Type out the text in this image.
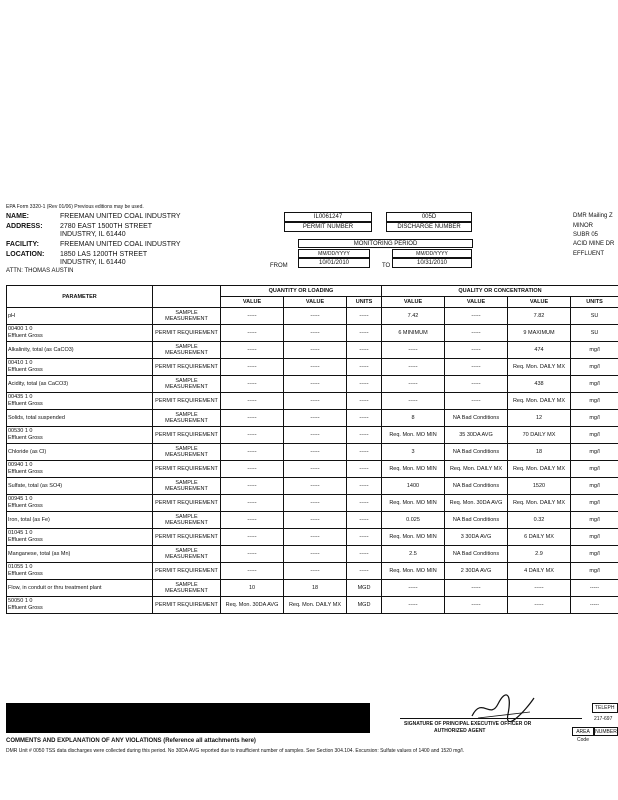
EPA Form 3320-1 (Rev 01/06) Previous editions may be used.
NAME:	FREEMAN UNITED COAL INDUSTRY
ADDRESS: 2780 EAST 1500TH STREET
INDUSTRY, IL 61440
FACILITY:	FREEMAN UNITED COAL INDUSTRY
LOCATION: 1850 LAS 1200TH STREET
INDUSTRY, IL 61440
ATTN: THOMAS AUSTIN
IL0061247
PERMIT NUMBER
005D
DISCHARGE NUMBER
MONITORING PERIOD
FROM
MM/DD/YYYY
10/01/2010	TO
MM/DD/YYYY
10/31/2010
DMR Mailing Z
MINOR
SUBR 05
ACID MINE DR
EFFLUENT
PARAMETER		QUANTITY OR LOADING			QUALITY OR CONCENTRATION			
		VALUE	VALUE	UNITS	VALUE	VALUE	VALUE	UNITS
pH	SAMPLE MEASUREMENT	-----	-----	-----	7.42	-----	7.82	SU

00400 1 0
Effluent Gross	PERMIT REQUIREMENT	-----	-----	-----	6 MINIMUM	-----	9 MAXIMUM	SU
Alkalinity, total (as CaCO3)	SAMPLE MEASUREMENT	-----	-----	-----	-----	-----	474	mg/l

00410 1 0
Effluent Gross	PERMIT REQUIREMENT	-----	-----	-----	-----	-----	Req. Mon. DAILY MX	mg/l
Acidity, total (as CaCO3)	SAMPLE MEASUREMENT	-----	-----	-----	-----	-----	438	mg/l

00435 1 0
Effluent Gross	PERMIT REQUIREMENT	-----	-----	-----	-----	-----	Req. Mon. DAILY MX	mg/l
Solids, total suspended	SAMPLE MEASUREMENT	-----	-----	-----	8	NA Bad Conditions	12	mg/l

00530 1 0
Effluent Gross	PERMIT REQUIREMENT	-----	-----	-----	Req. Mon. MO MIN	35 30DA AVG	70 DAILY MX	mg/l
Chloride (as Cl)	SAMPLE MEASUREMENT	-----	-----	-----	3	NA Bad Conditions	18	mg/l

00940 1 0
Effluent Gross	PERMIT REQUIREMENT	-----	-----	-----	Req. Mon. MO MIN	Req. Mon. DAILY MX	Req. Mon. DAILY MX	mg/l
Sulfate, total (as SO4)	SAMPLE MEASUREMENT	-----	-----	-----	1400	NA Bad Conditions	1520	mg/l

00945 1 0
Effluent Gross	PERMIT REQUIREMENT	-----	-----	-----	Req. Mon. MO MIN	Req. Mon. 30DA AVG	Req. Mon. DAILY MX	mg/l
Iron, total (as Fe)	SAMPLE MEASUREMENT	-----	-----	-----	0.025	NA Bad Conditions	0.32	mg/l

01045 1 0
Effluent Gross	PERMIT REQUIREMENT	-----	-----	-----	Req. Mon. MO MIN	3 30DA AVG	6 DAILY MX	mg/l
Manganese, total (as Mn)	SAMPLE MEASUREMENT	-----	-----	-----	2.5	NA Bad Conditions	2.9	mg/l

01055 1 0
Effluent Gross	PERMIT REQUIREMENT	-----	-----	-----	Req. Mon. MO MIN	2 30DA AVG	4 DAILY MX	mg/l
Flow, in conduit or thru treatment plant	SAMPLE MEASUREMENT	10	18	MGD	-----	-----	-----	-----

50050 1 0
Effluent Gross	PERMIT REQUIREMENT	Req. Mon. 30DA AVG	Req. Mon. DAILY MX	MGD	-----	-----	-----	-----
SIGNATURE OF PRINCIPAL EXECUTIVE OFFICER OR
AUTHORIZED AGENT
TELEPH
217-697
AREA Code
NUMBER
COMMENTS AND EXPLANATION OF ANY VIOLATIONS (Reference all attachments here)
DMR Unit # 0050 TSS data discharges were collected during this period. No 30DA AVG reported due to insufficient number of samples. See Section 304.104. Excursion: Sulfate values of 1400 and 1520 mg/l.
